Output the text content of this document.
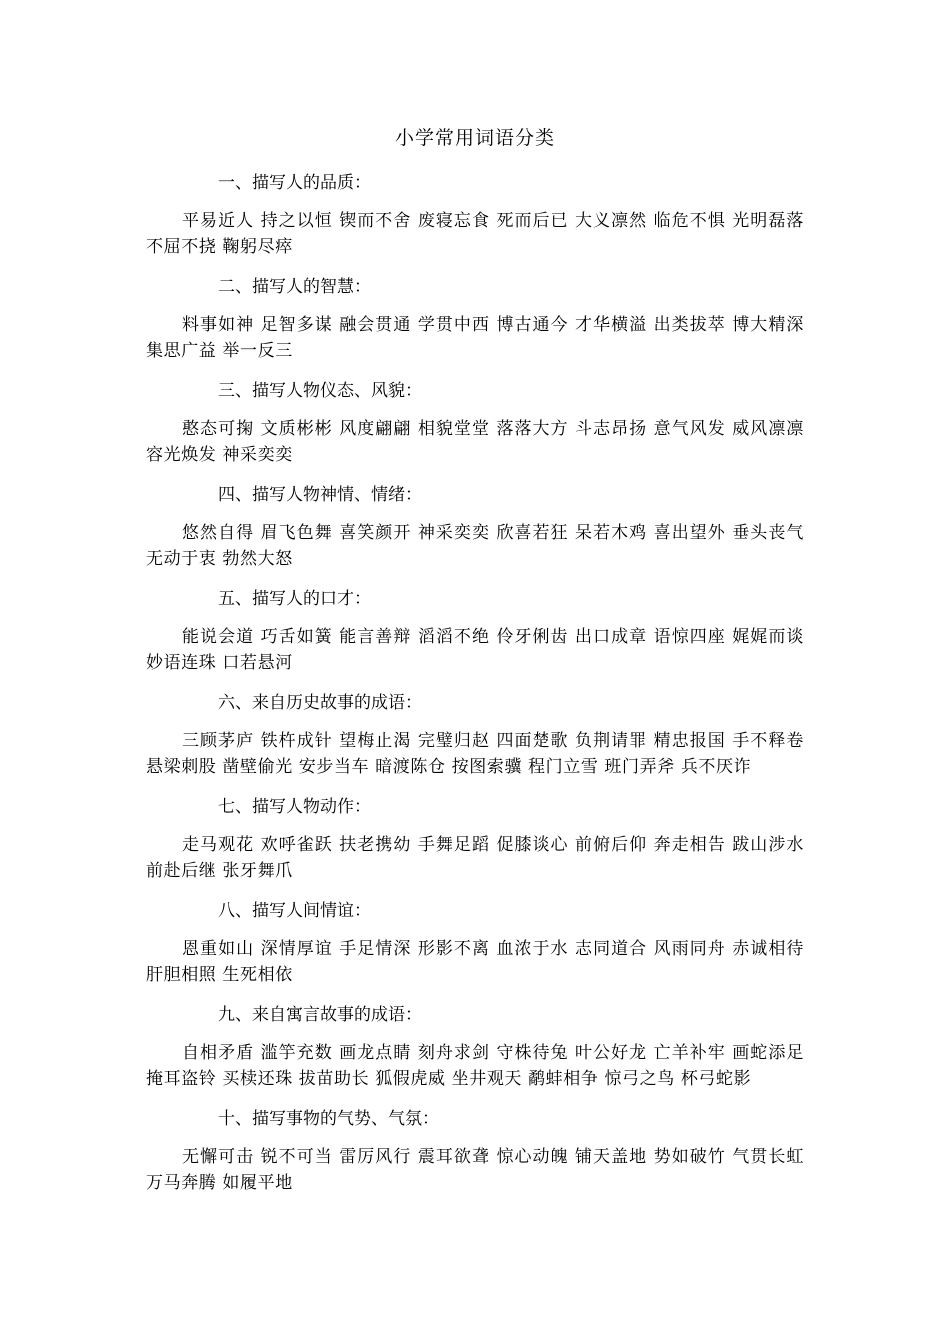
小学常用词语分类
一、描写人的品质：
平易近人 持之以恒 锲而不舍 废寝忘食 死而后已 大义凛然 临危不惧 光明磊落 不屈不挠 鞠躬尽瘁
二、描写人的智慧：
料事如神 足智多谋 融会贯通 学贯中西 博古通今 才华横溢 出类拔萃 博大精深 集思广益 举一反三
三、描写人物仪态、风貌：
憨态可掬 文质彬彬 风度翩翩 相貌堂堂 落落大方 斗志昂扬 意气风发 威风凛凛 容光焕发 神采奕奕
四、描写人物神情、情绪：
悠然自得 眉飞色舞 喜笑颜开 神采奕奕 欣喜若狂 呆若木鸡 喜出望外 垂头丧气 无动于衷 勃然大怒
五、描写人的口才：
能说会道 巧舌如簧 能言善辩 滔滔不绝 伶牙俐齿 出口成章 语惊四座 娓娓而谈 妙语连珠 口若悬河
六、来自历史故事的成语：
三顾茅庐 铁杵成针 望梅止渴 完璧归赵 四面楚歌 负荆请罪 精忠报国 手不释卷 悬梁刺股 凿壁偷光 安步当车 暗渡陈仓 按图索骥 程门立雪 班门弄斧 兵不厌诈
七、描写人物动作：
走马观花 欢呼雀跃 扶老携幼 手舞足蹈 促膝谈心 前俯后仰 奔走相告 跋山涉水 前赴后继 张牙舞爪
八、描写人间情谊：
恩重如山 深情厚谊 手足情深 形影不离 血浓于水 志同道合 风雨同舟 赤诚相待 肝胆相照 生死相依
九、来自寓言故事的成语：
自相矛盾 滥竽充数 画龙点睛 刻舟求剑 守株待兔 叶公好龙 亡羊补牢 画蛇添足 掩耳盗铃 买椟还珠 拔苗助长 狐假虎威 坐井观天 鹬蚌相争 惊弓之鸟 杯弓蛇影
十、描写事物的气势、气氛：
无懈可击 锐不可当 雷厉风行 震耳欲聋 惊心动魄 铺天盖地 势如破竹 气贯长虹 万马奔腾 如履平地
